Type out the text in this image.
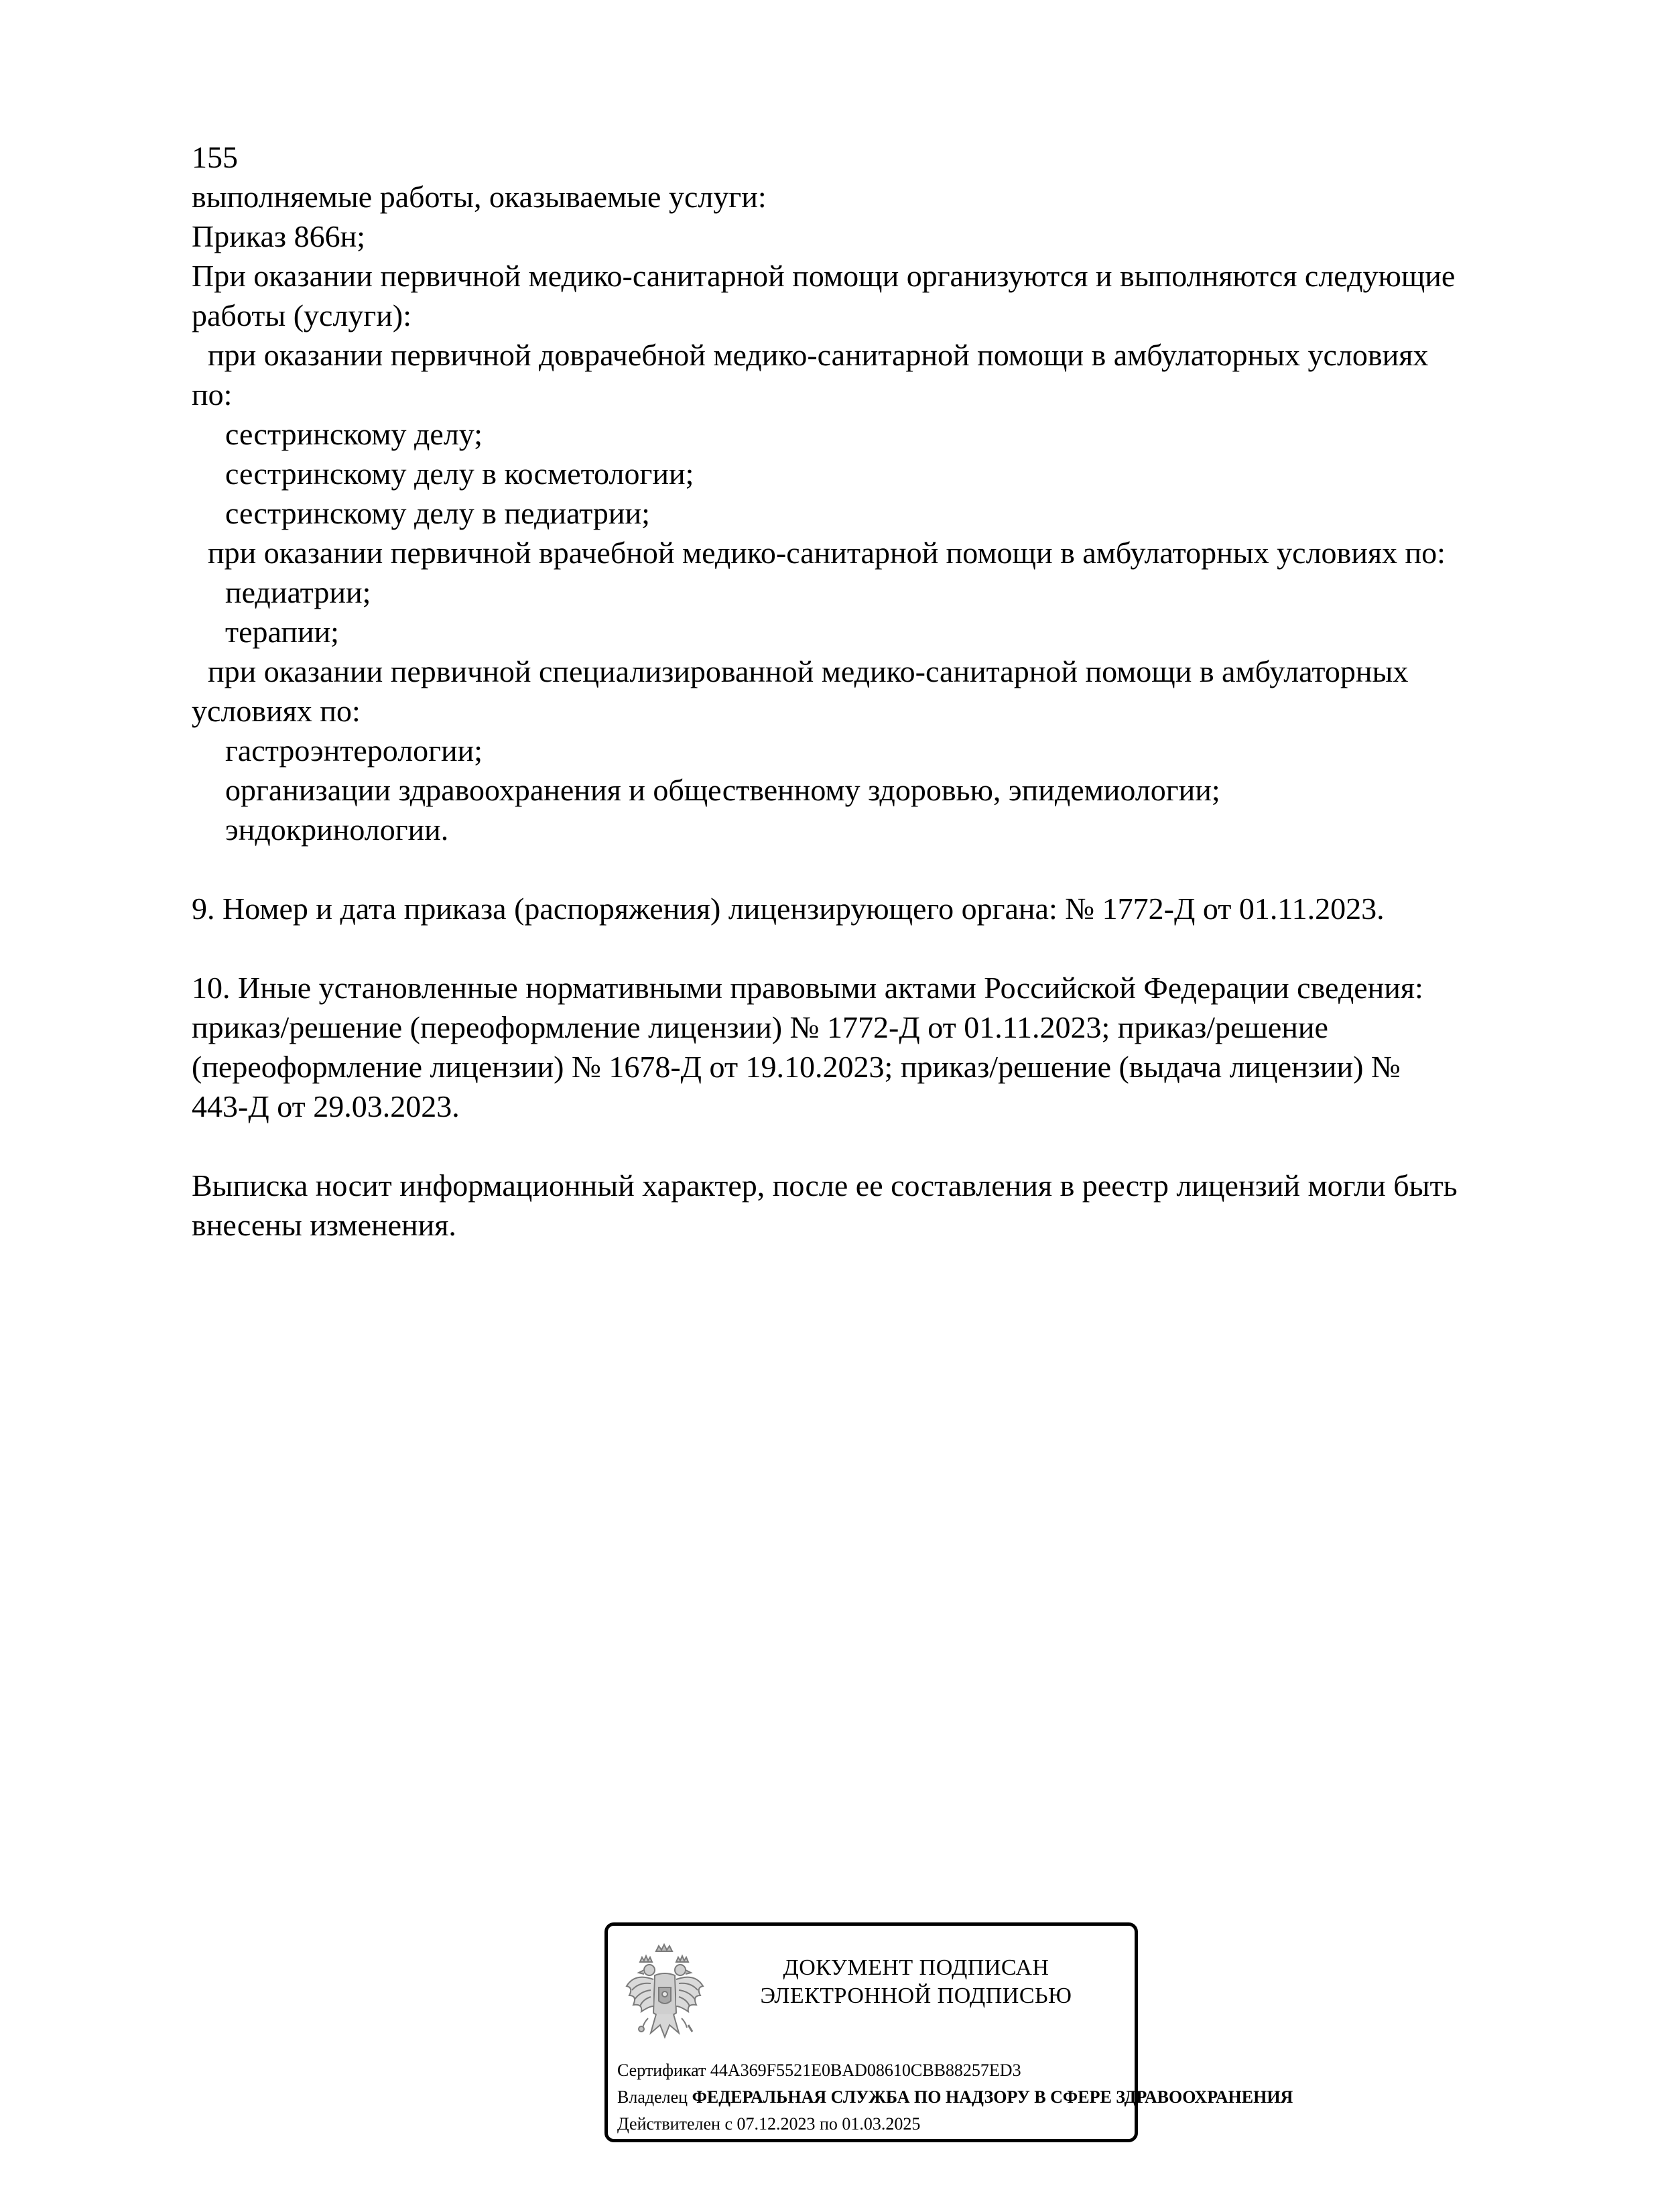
155
выполняемые работы, оказываемые услуги:
Приказ 866н;
При оказании первичной медико-санитарной помощи организуются и выполняются следующие
работы (услуги):
при оказании первичной доврачебной медико-санитарной помощи в амбулаторных условиях
по:
сестринскому делу;
сестринскому делу в косметологии;
сестринскому делу в педиатрии;
при оказании первичной врачебной медико-санитарной помощи в амбулаторных условиях по:
педиатрии;
терапии;
при оказании первичной специализированной медико-санитарной помощи в амбулаторных
условиях по:
гастроэнтерологии;
организации здравоохранения и общественному здоровью, эпидемиологии;
эндокринологии.
9. Номер и дата приказа (распоряжения) лицензирующего органа: № 1772-Д от 01.11.2023.
10. Иные установленные нормативными правовыми актами Российской Федерации сведения:
приказ/решение (переоформление лицензии) № 1772-Д от 01.11.2023; приказ/решение
(переоформление лицензии) № 1678-Д от 19.10.2023; приказ/решение (выдача лицензии) №
443-Д от 29.03.2023.
Выписка носит информационный характер, после ее составления в реестр лицензий могли быть
внесены изменения.
ДОКУМЕНТ ПОДПИСАН
ЭЛЕКТРОННОЙ ПОДПИСЬЮ
Сертификат 44A369F5521E0BAD08610CBB88257ED3
Владелец ФЕДЕРАЛЬНАЯ СЛУЖБА ПО НАДЗОРУ В СФЕРЕ ЗДРАВООХРАНЕНИЯ
Действителен с 07.12.2023 по 01.03.2025
